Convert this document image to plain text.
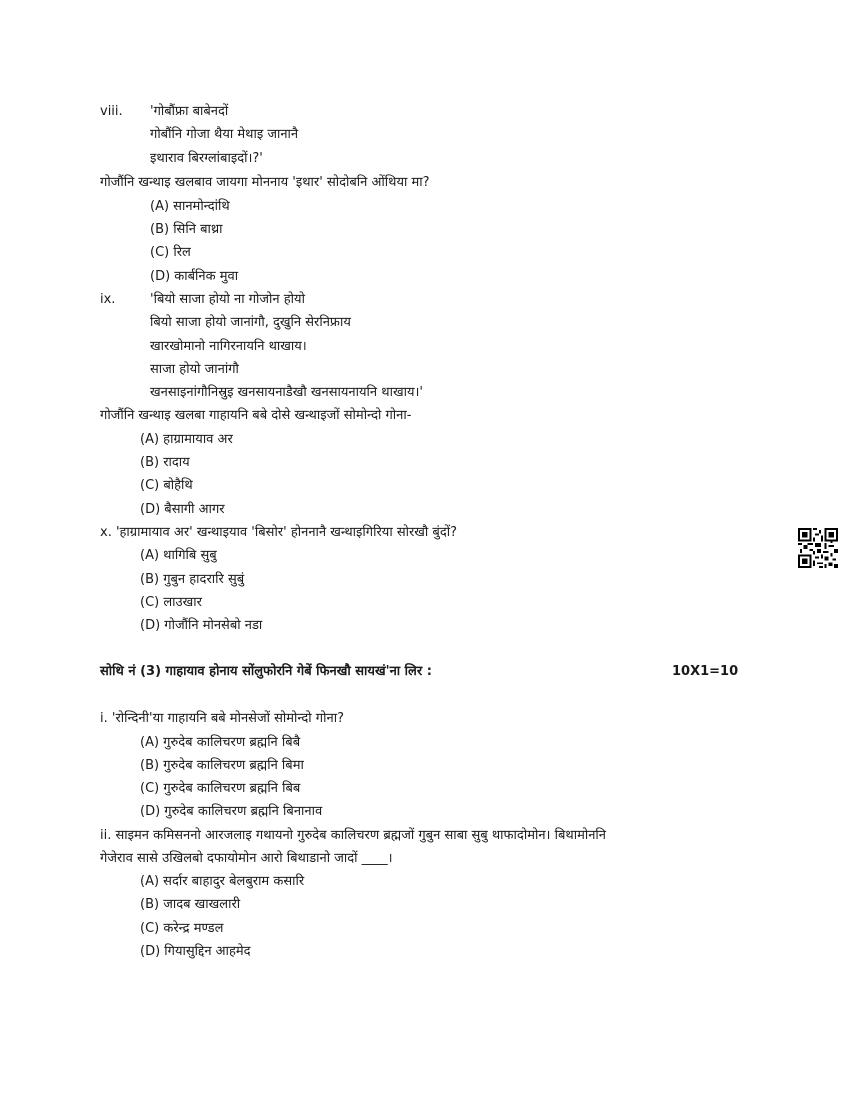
viii. 'गोबौंफ्रा बाबेनदों
गोबौंनि गोजा थैया मेथाइ जानानै
इथाराव बिरग्लांबाइदों।?'
गोजौंनि खन्थाइ खलबाव जायगा मोननाय 'इथार' सोदोबनि ओंथिया मा?
(A) सानमोन्दांथि
(B) सिनि बाथ्रा
(C) रिल
(D) कार्बनिक मुवा
ix.	'बियो साजा होयो ना गोजोन होयो
बियो साजा होयो जानांगौ, दुखुनि सेरनिफ्राय
खारखोमानो नागिरनायनि थाखाय।
साजा होयो जानांगौ
खनसाइनांगौनिस्रुइ खनसायनाडैखौ खनसायनायनि थाखाय।'
गोजौंनि खन्थाइ खलबा गाहायनि बबे दोसे खन्थाइजों सोमोन्दो गोना-
(A) हाग्रामायाव अर
(B) रादाय
(C) बोहैथि
(D) बैसागी आगर
x. 'हाग्रामायाव अर' खन्थाइयाव 'बिसोर' होननानै खन्थाइगिरिया सोरखौ बुंदों?
(A) थागिबि सुबु
(B) गुबुन हादरारि सुबुं
(C) लाउखार
(D) गोजौंनि मोनसेबो नडा
सोथि नं (3) गाहायाव होनाय सोंलुफोरनि गेबें फिनखौ सायखं'ना लिर :	10X1=10
i. 'रोन्दिनी'या गाहायनि बबे मोनसेजों सोमोन्दो गोना?
(A) गुरुदेब कालिचरण ब्रह्मनि बिबै
(B) गुरुदेब कालिचरण ब्रह्मनि बिमा
(C) गुरुदेब कालिचरण ब्रह्मनि बिब
(D) गुरुदेब कालिचरण ब्रह्मनि बिनानाव
ii. साइमन कमिसननो आरजलाइ गथायनो गुरुदेब कालिचरण ब्रह्मजों गुबुन साबा सुबु थाफादोमोन। बिथामोननि
गेजेराव सासे उखिलबो दफायोमोन आरो बिथाडानो जादों ____।
(A) सर्दार बाहादुर बेलबुराम कसारि
(B) जादब खाखलारी
(C) करेन्द्र मण्डल
(D) गियासुद्दिन आहमेद
